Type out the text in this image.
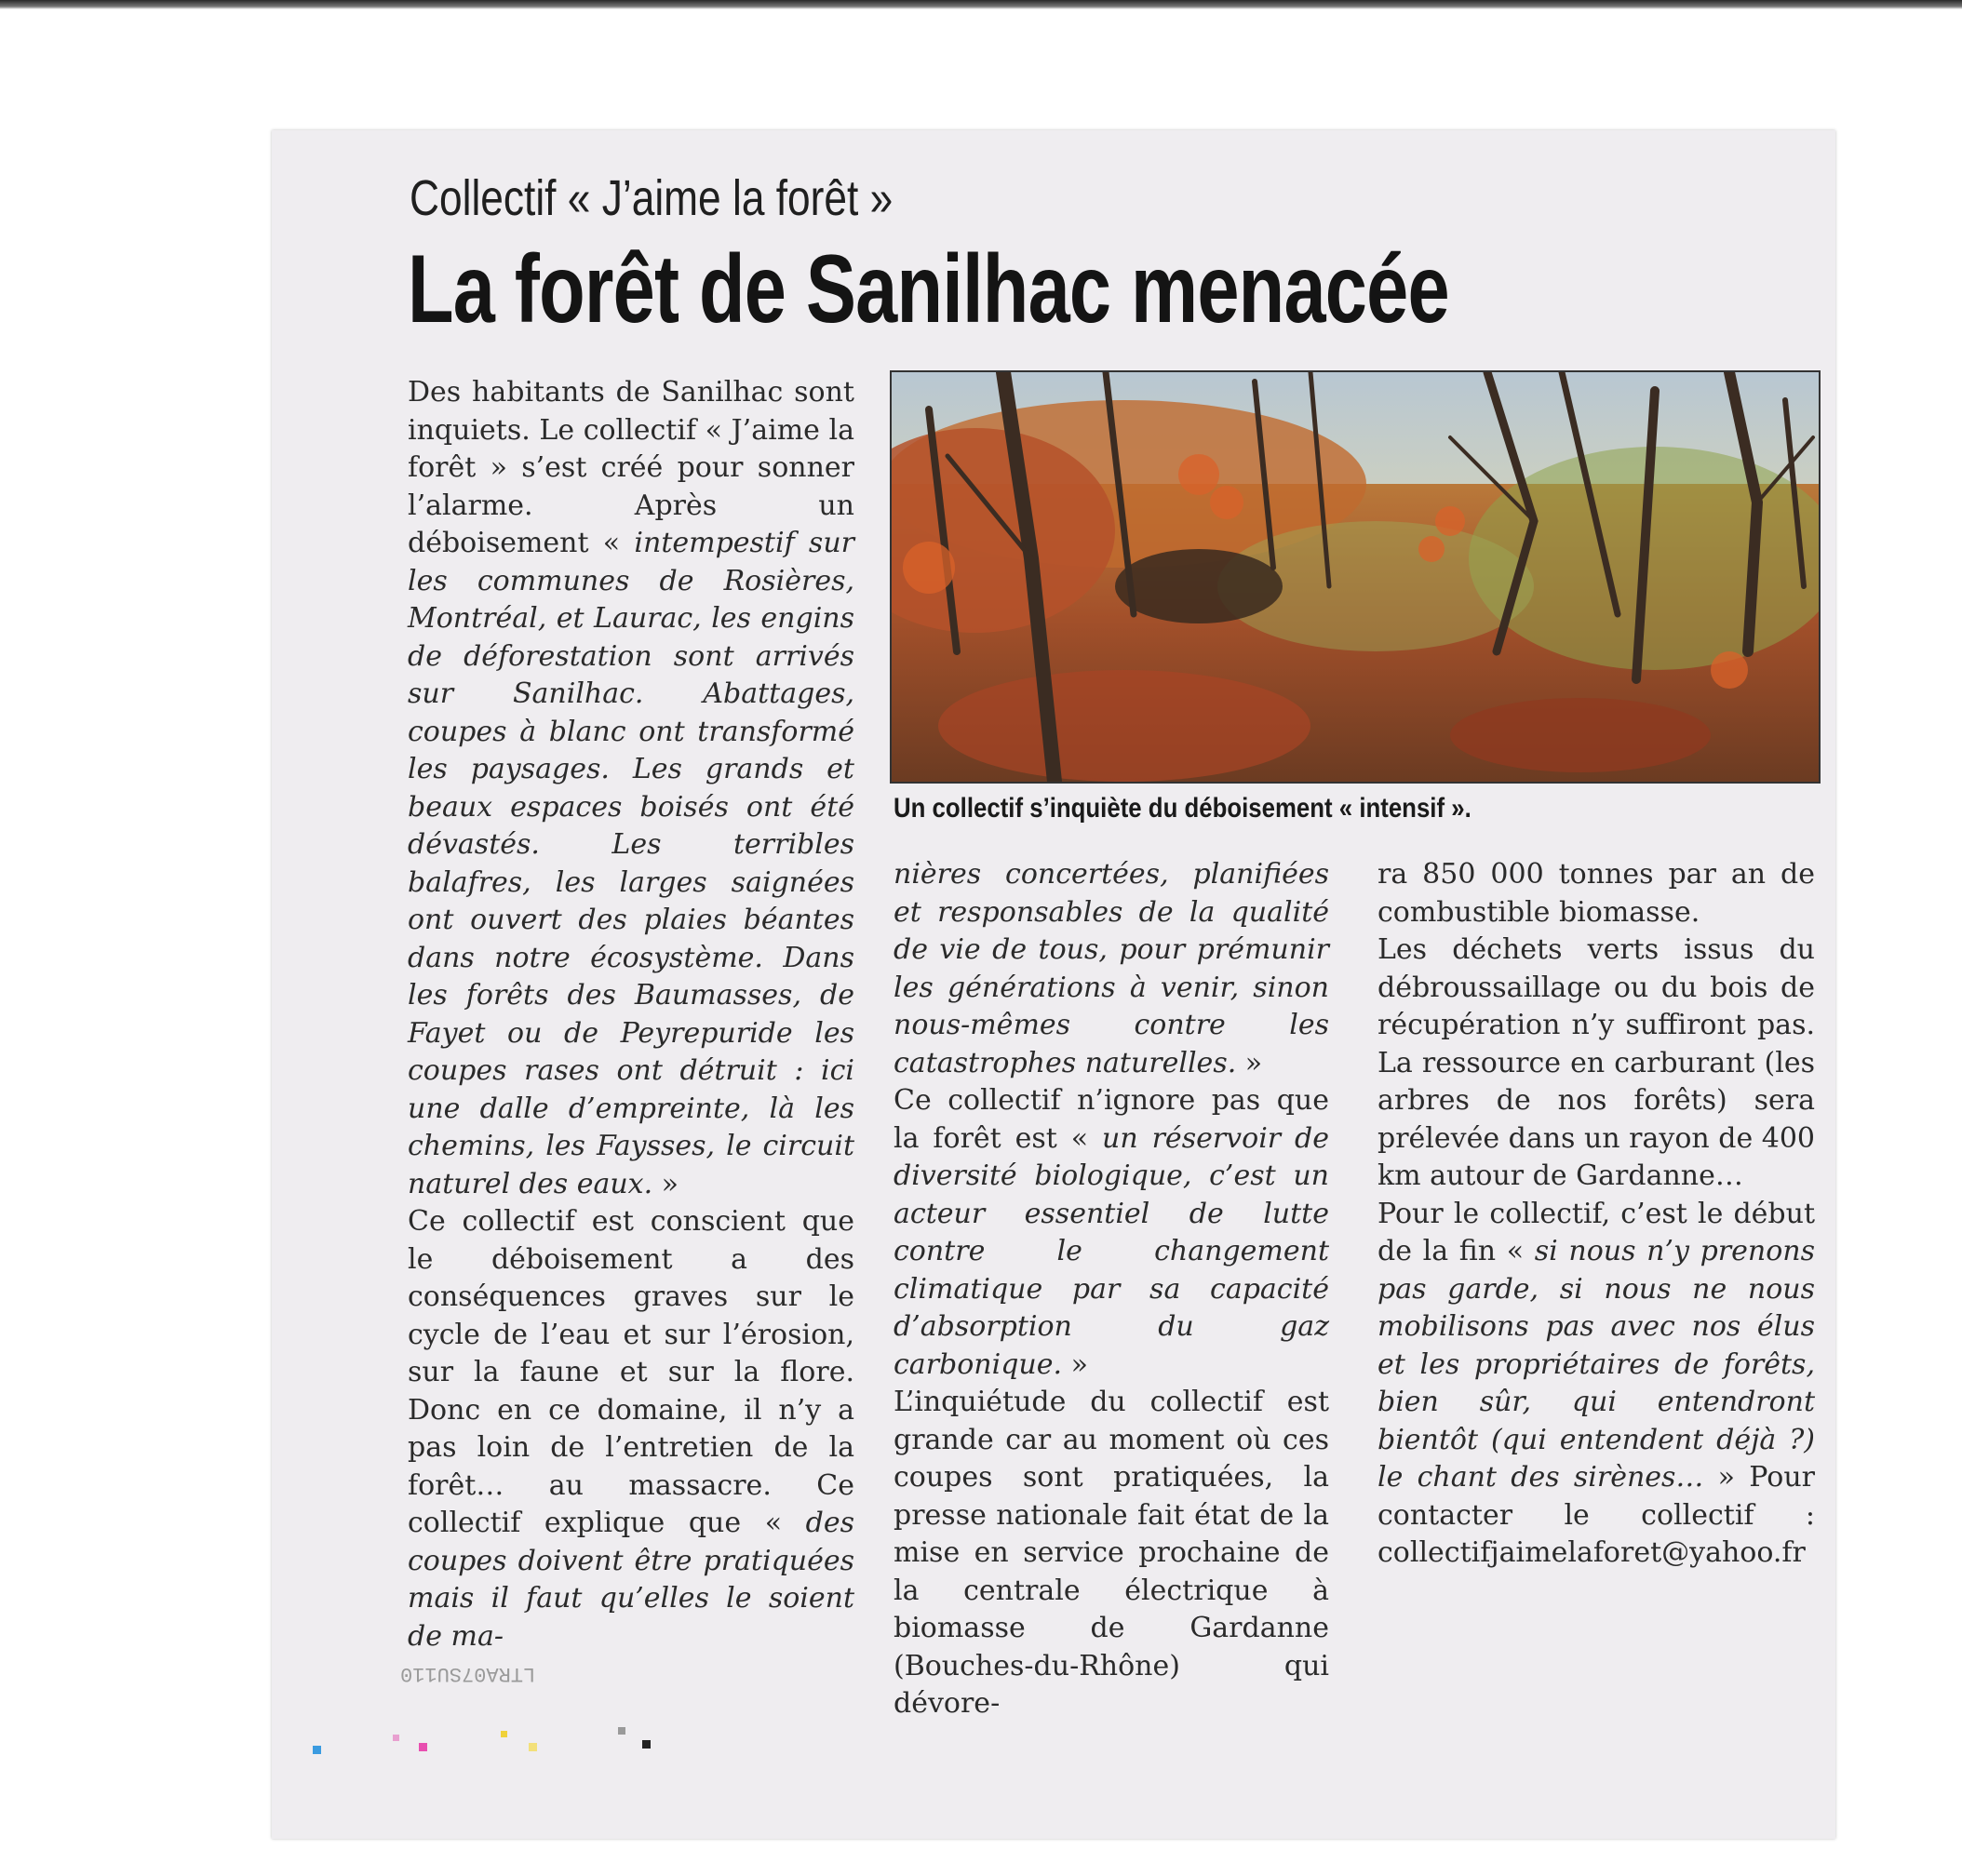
Collectif « J’aime la forêt »
La forêt de Sanilhac menacée

Des habitants de Sanilhac sont inquiets. Le collectif « J’aime la forêt » s’est créé pour sonner l’alarme. Après un déboisement « intempestif sur les communes de Rosières, Montréal, et Laurac, les engins de déforestation sont arrivés sur Sanilhac. Abattages, coupes à blanc ont transformé les paysages. Les grands et beaux espaces boisés ont été dévastés. Les terribles balafres, les larges saignées ont ouvert des plaies béantes dans notre écosystème. Dans les forêts des Baumasses, de Fayet ou de Peyrepuride les coupes rases ont détruit : ici une dalle d’empreinte, là les chemins, les Faysses, le circuit naturel des eaux. »

Ce collectif est conscient que le déboisement a des conséquences graves sur le cycle de l’eau et sur l’érosion, sur la faune et sur la flore. Donc en ce domaine, il n’y a pas loin de l’entretien de la forêt… au massacre. Ce collectif explique que « des coupes doivent être pratiquées mais il faut qu’elles le soient de ma-

Un collectif s’inquiète du déboisement « intensif ».

nières concertées, planifiées et responsables de la qualité de vie de tous, pour prémunir les générations à venir, sinon nous-mêmes contre les catastrophes naturelles. »

Ce collectif n’ignore pas que la forêt est « un réservoir de diversité biologique, c’est un acteur essentiel de lutte contre le changement climatique par sa capacité d’absorption du gaz carbonique. »

L’inquiétude du collectif est grande car au moment où ces coupes sont pratiquées, la presse nationale fait état de la mise en service prochaine de la centrale électrique à biomasse de Gardanne (Bouches-du-Rhône) qui dévore-

ra 850 000 tonnes par an de combustible biomasse.

Les déchets verts issus du débroussaillage ou du bois de récupération n’y suffiront pas. La ressource en carburant (les arbres de nos forêts) sera prélevée dans un rayon de 400 km autour de Gardanne…

Pour le collectif, c’est le début de la fin « si nous n’y prenons pas garde, si nous ne nous mobilisons pas avec nos élus et les propriétaires de forêts, bien sûr, qui entendront bientôt (qui entendent déjà ?) le chant des sirènes… » Pour contacter le collectif : collectifjaimelaforet@yahoo.fr

LTRA07SU110
